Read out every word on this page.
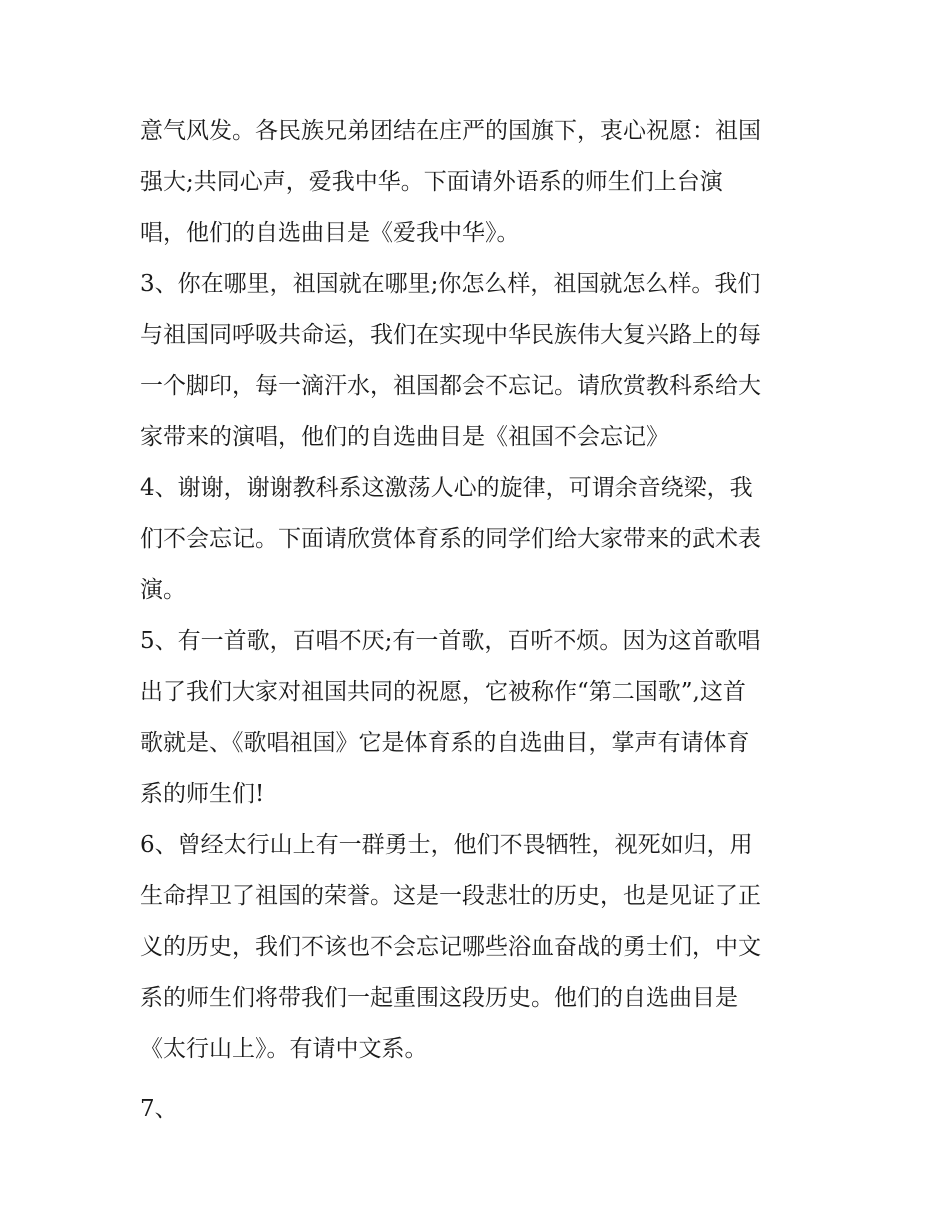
意气风发。各民族兄弟团结在庄严的国旗下，衷心祝愿：祖国
强大;共同心声，爱我中华。下面请外语系的师生们上台演
唱，他们的自选曲目是《爱我中华》。
3、你在哪里，祖国就在哪里;你怎么样，祖国就怎么样。我们
与祖国同呼吸共命运，我们在实现中华民族伟大复兴路上的每
一个脚印，每一滴汗水，祖国都会不忘记。请欣赏教科系给大
家带来的演唱，他们的自选曲目是《祖国不会忘记》
4、谢谢，谢谢教科系这激荡人心的旋律，可谓余音绕梁，我
们不会忘记。下面请欣赏体育系的同学们给大家带来的武术表
演。
5、有一首歌，百唱不厌;有一首歌，百听不烦。因为这首歌唱
出了我们大家对祖国共同的祝愿，它被称作“第二国歌”,这首
歌就是、《歌唱祖国》它是体育系的自选曲目，掌声有请体育
系的师生们!
6、曾经太行山上有一群勇士，他们不畏牺牲，视死如归，用
生命捍卫了祖国的荣誉。这是一段悲壮的历史，也是见证了正
义的历史，我们不该也不会忘记哪些浴血奋战的勇士们，中文
系的师生们将带我们一起重围这段历史。他们的自选曲目是
《太行山上》。有请中文系。
7、
